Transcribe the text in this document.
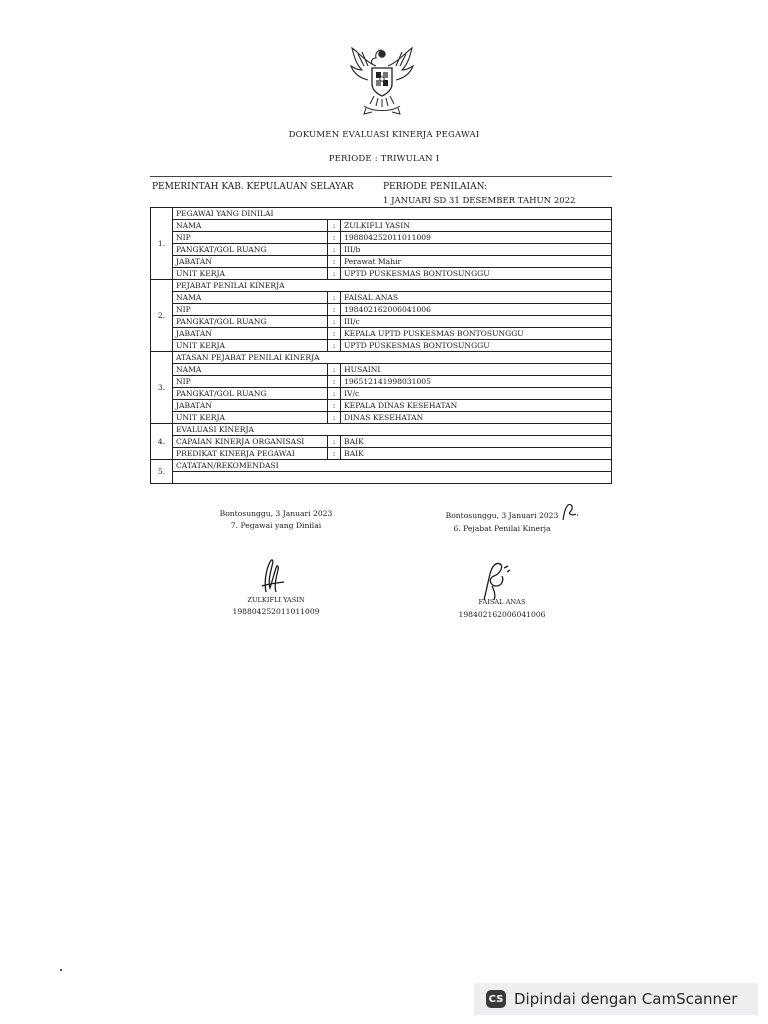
DOKUMEN EVALUASI KINERJA PEGAWAI
PERIODE : TRIWULAN I
PEMERINTAH KAB. KEPULAUAN SELAYAR	PERIODE PENILAIAN:
1 JANUARI SD 31 DESEMBER TAHUN 2022
1.	PEGAWAI YANG DINILAI		
	NAMA	:	ZULKIFLI YASIN
	NIP	:	198804252011011009
	PANGKAT/GOL RUANG	:	III/b
	JABATAN	:	Perawat Mahir
	UNIT KERJA	:	UPTD PUSKESMAS BONTOSUNGGU
2.	PEJABAT PENILAI KINERJA		
	NAMA	:	FAISAL ANAS
	NIP	:	198402162006041006
	PANGKAT/GOL RUANG	:	III/c
	JABATAN	:	KEPALA UPTD PUSKESMAS BONTOSUNGGU
	UNIT KERJA	:	UPTD PUSKESMAS BONTOSUNGGU
3.	ATASAN PEJABAT PENILAI KINERJA		
	NAMA	:	HUSAINI
	NIP	:	196512141998031005
	PANGKAT/GOL RUANG	:	IV/c
	JABATAN	:	KEPALA DINAS KESEHATAN
	UNIT KERJA	:	DINAS KESEHATAN
4.	EVALUASI KINERJA		
	CAPAIAN KINERJA ORGANISASI	:	BAIK
	PREDIKAT KINERJA PEGAWAI	:	BAIK
5.	CATATAN/REKOMENDASI		

Bontosunggu, 3 Januari 2023
7. Pegawai yang Dinilai
ZULKIFLI YASIN
198804252011011009
Bontosunggu, 3 Januari 2023
6. Pejabat Penilai Kinerja
FAISAL ANAS
198402162006041006
CS Dipindai dengan CamScanner
